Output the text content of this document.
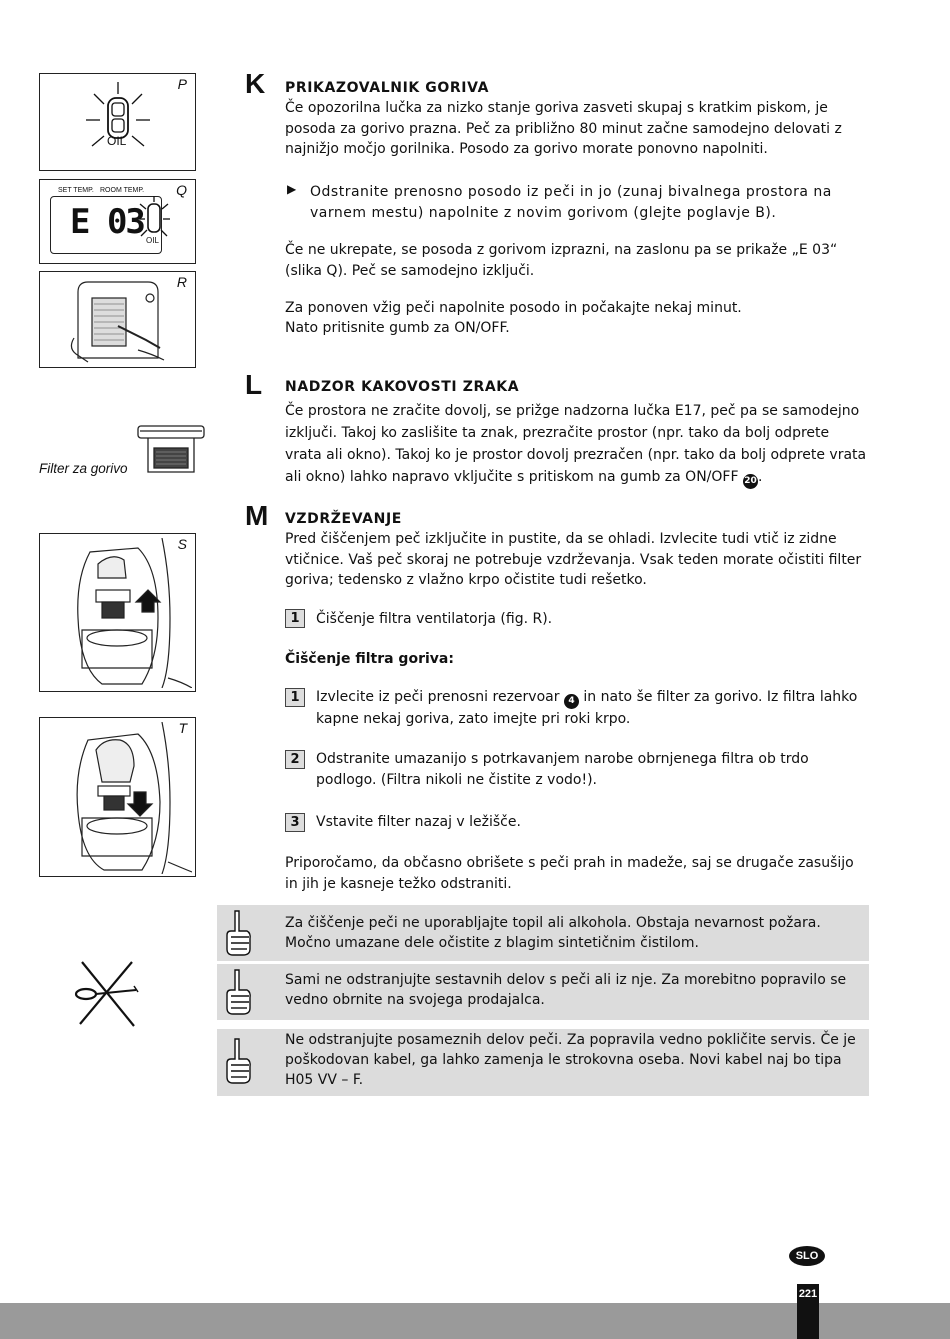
P
OIL
Q
SET TEMP. ROOM TEMP.
E 03 OIL
R
Filter za gorivo
S
T
K PRIKAZOVALNIK GORIVA
Če opozorilna lučka za nizko stanje goriva zasveti skupaj s kratkim piskom, je posoda za gorivo prazna. Peč za približno 80 minut začne samodejno delovati z najnižjo močjo gorilnika. Posodo za gorivo morate ponovno napolniti.
▶ Odstranite prenosno posodo iz peči in jo (zunaj bivalnega prostora na varnem mestu) napolnite z novim gorivom (glejte poglavje B).
Če ne ukrepate, se posoda z gorivom izprazni, na zaslonu pa se prikaže „E 03“ (slika Q). Peč se samodejno izključi.
Za ponoven vžig peči napolnite posodo in počakajte nekaj minut.
Nato pritisnite gumb za ON/OFF.
L NADZOR KAKOVOSTI ZRAKA
Če prostora ne zračite dovolj, se prižge nadzorna lučka E17, peč pa se samodejno izključi. Takoj ko zaslišite ta znak, prezračite prostor (npr. tako da bolj odprete vrata ali okno). Takoj ko je prostor dovolj prezračen (npr. tako da bolj odprete vrata ali okno) lahko napravo vključite s pritiskom na gumb za ON/OFF 20.
M VZDRŽEVANJE
Pred čiščenjem peč izključite in pustite, da se ohladi. Izvlecite tudi vtič iz zidne vtičnice. Vaš peč skoraj ne potrebuje vzdrževanja. Vsak teden morate očistiti filter goriva; tedensko z vlažno krpo očistite tudi rešetko.
1	Čiščenje filtra ventilatorja (fig. R).
Čiščenje filtra goriva:
1	Izvlecite iz peči prenosni rezervoar 4 in nato še filter za gorivo. Iz filtra lahko kapne nekaj goriva, zato imejte pri roki krpo.
2	Odstranite umazanijo s potrkavanjem narobe obrnjenega filtra ob trdo podlogo. (Filtra nikoli ne čistite z vodo!).
3	Vstavite filter nazaj v ležišče.
Priporočamo, da občasno obrišete s peči prah in madeže, saj se drugače zasušijo in jih je kasneje težko odstraniti.
Za čiščenje peči ne uporabljajte topil ali alkohola. Obstaja nevarnost požara. Močno umazane dele očistite z blagim sintetičnim čistilom.
Sami ne odstranjujte sestavnih delov s peči ali iz nje. Za morebitno popravilo se vedno obrnite na svojega prodajalca.
Ne odstranjujte posameznih delov peči. Za popravila vedno pokličite servis. Če je poškodovan kabel, ga lahko zamenja le strokovna oseba. Novi kabel naj bo tipa H05 VV – F.
SLO
221
